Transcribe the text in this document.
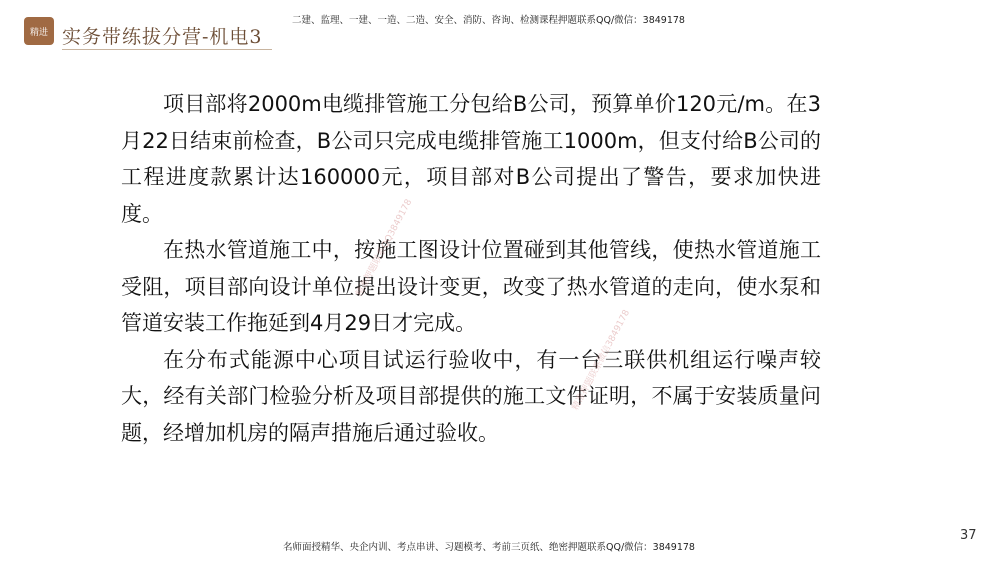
精进 实务带练拔分营-机电3
二建、监理、一建、一造、二造、安全、消防、咨询、检测课程押题联系QQ/微信：3849178

项目部将2000m电缆排管施工分包给B公司，预算单价120元/m。在3月22日结束前检查，B公司只完成电缆排管施工1000m，但支付给B公司的工程进度款累计达160000元，项目部对B公司提出了警告，要求加快进度。

在热水管道施工中，按施工图设计位置碰到其他管线，使热水管道施工受阻，项目部向设计单位提出设计变更，改变了热水管道的走向，使水泵和管道安装工作拖延到4月29日才完成。

在分布式能源中心项目试运行验收中，有一台三联供机组运行噪声较大，经有关部门检验分析及项目部提供的施工文件证明，不属于安装质量问题，经增加机房的隔声措施后通过验收。

精准押题联系QQ3849178
精准押题联系微信3849178
名师面授精华、央企内训、考点串讲、习题模考、考前三页纸、绝密押题联系QQ/微信：3849178
37
